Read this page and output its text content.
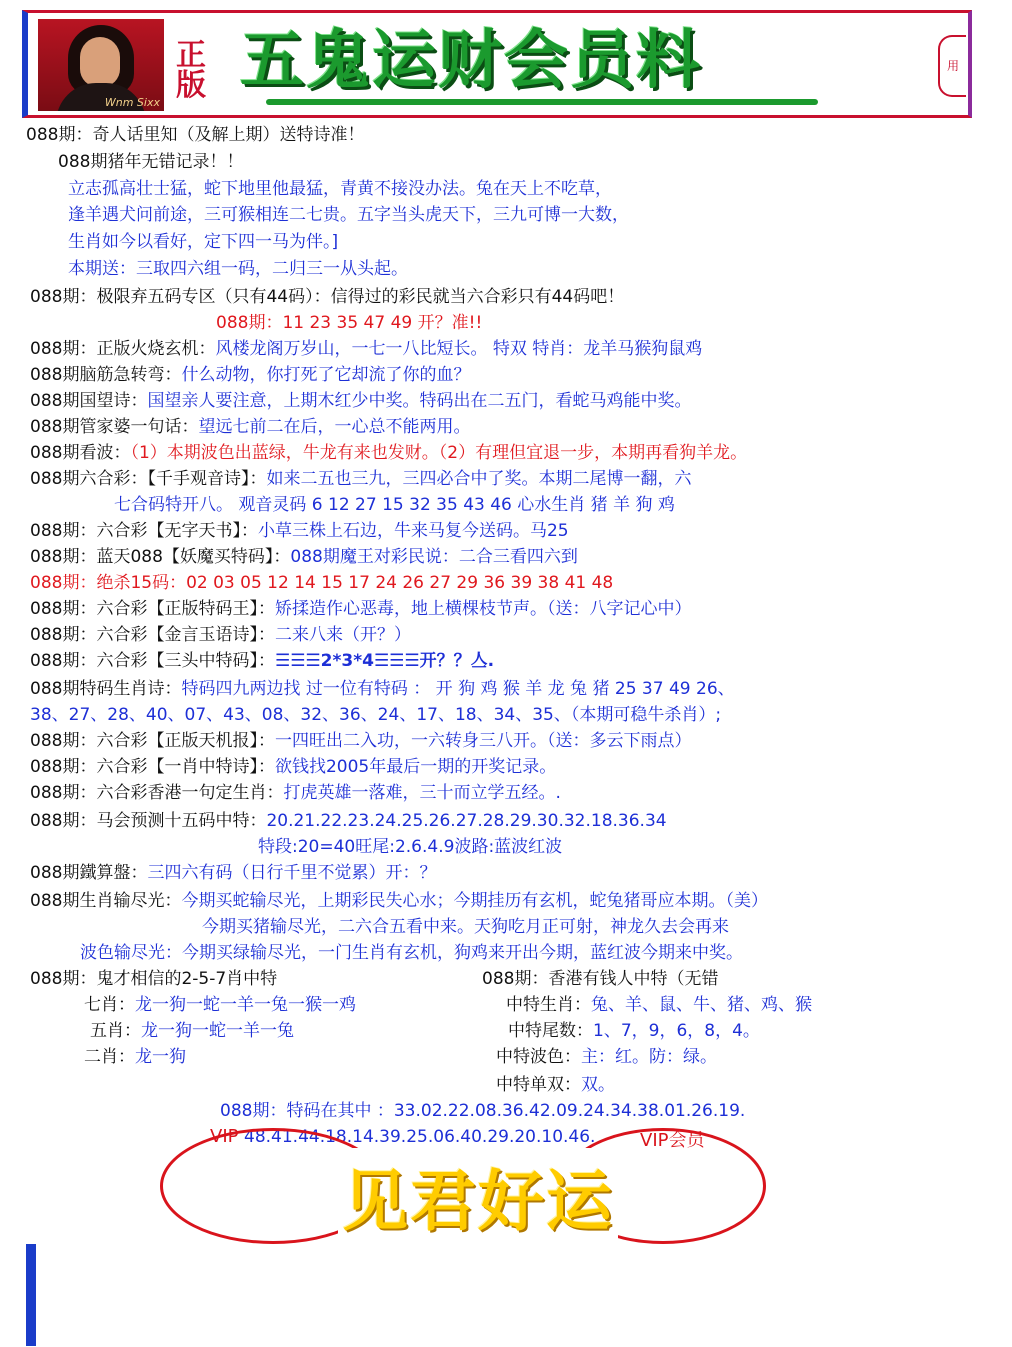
Wnm Sixx
正版 五鬼运财会员料	用
088期：奇人话里知（及解上期）送特诗准！
088期猪年无错记录！！
立志孤高壮士猛，蛇下地里他最猛，青黄不接没办法。兔在天上不吃草，
逢羊遇犬问前途，三可猴相连二七贵。五字当头虎天下，三九可博一大数，
生肖如今以看好，定下四一马为伴。]
本期送：三取四六组一码，二归三一从头起。
088期：极限弃五码专区（只有44码）：信得过的彩民就当六合彩只有44码吧！
088期：11 23 35 47 49 开？准!!
088期：正版火烧玄机：风楼龙阁万岁山，一七一八比短长。 特双 特肖：龙羊马猴狗鼠鸡
088期脑筋急转弯：什么动物，你打死了它却流了你的血？
088期国望诗：国望亲人要注意，上期木红少中奖。特码出在二五门，看蛇马鸡能中奖。
088期管家婆一句话：望远七前二在后，一心总不能两用。
088期看波：（1）本期波色出蓝绿，牛龙有来也发财。（2）有理但宜退一步，本期再看狗羊龙。
088期六合彩：【千手观音诗】：如来二五也三九，三四必合中了奖。本期二尾博一翻，六
七合码特开八。 观音灵码 6 12 27 15 32 35 43 46 心水生肖 猪 羊 狗 鸡
088期：六合彩【无字天书】：小草三株上石边，牛来马复今送码。马25
088期：蓝天088【妖魔买特码】：088期魔王对彩民说：二合三看四六到
088期：绝杀15码：02 03 05 12 14 15 17 24 26 27 29 36 39 38 41 48
088期：六合彩【正版特码王】：矫揉造作心恶毒，地上横棵枝节声。（送：八字记心中）
088期：六合彩【金言玉语诗】：二来八来（开？）
088期：六合彩【三头中特码】：☰☰☰2*3*4☰☰☰开？？亼.
088期特码生肖诗：特码四九两边找 过一位有特码 ： 开 狗 鸡 猴 羊 龙 兔 猪 25 37 49 26、
38、27、28、40、07、43、08、32、36、24、17、18、34、35、（本期可稳牛杀肖）;
088期：六合彩【正版天机报】：一四旺出二入功，一六转身三八开。（送：多云下雨点）
088期：六合彩【一肖中特诗】：欲钱找2005年最后一期的开奖记录。
088期：六合彩香港一句定生肖：打虎英雄一落难，三十而立学五经。.
088期：马会预测十五码中特：20.21.22.23.24.25.26.27.28.29.30.32.18.36.34
特段:20=40旺尾:2.6.4.9波路:蓝波红波
088期鐵算盤：三四六有码（日行千里不觉累）开：？
088期生肖输尽光：今期买蛇输尽光，上期彩民失心水；今期挂历有玄机，蛇兔猪哥应本期。（美）
今期买猪输尽光，二六合五看中来。天狗吃月正可射，神龙久去会再来
波色输尽光：今期买绿输尽光，一门生肖有玄机，狗鸡来开出今期，蓝红波今期来中奖。
088期：鬼才相信的2-5-7肖中特	088期：香港有钱人中特（无错
七肖：龙一狗一蛇一羊一兔一猴一鸡	中特生肖：兔、羊、鼠、牛、猪、鸡、猴
五肖：龙一狗一蛇一羊一兔	中特尾数：1、7，9，6，8，4。
二肖：龙一狗	中特波色：主：红。防：绿。
中特单双：双。
088期：特码在其中 ：33.02.22.08.36.42.09.24.34.38.01.26.19.
48.41.44.18.14.39.25.06.40.29.20.10.46.
VIP	VIP会员
见君好运
